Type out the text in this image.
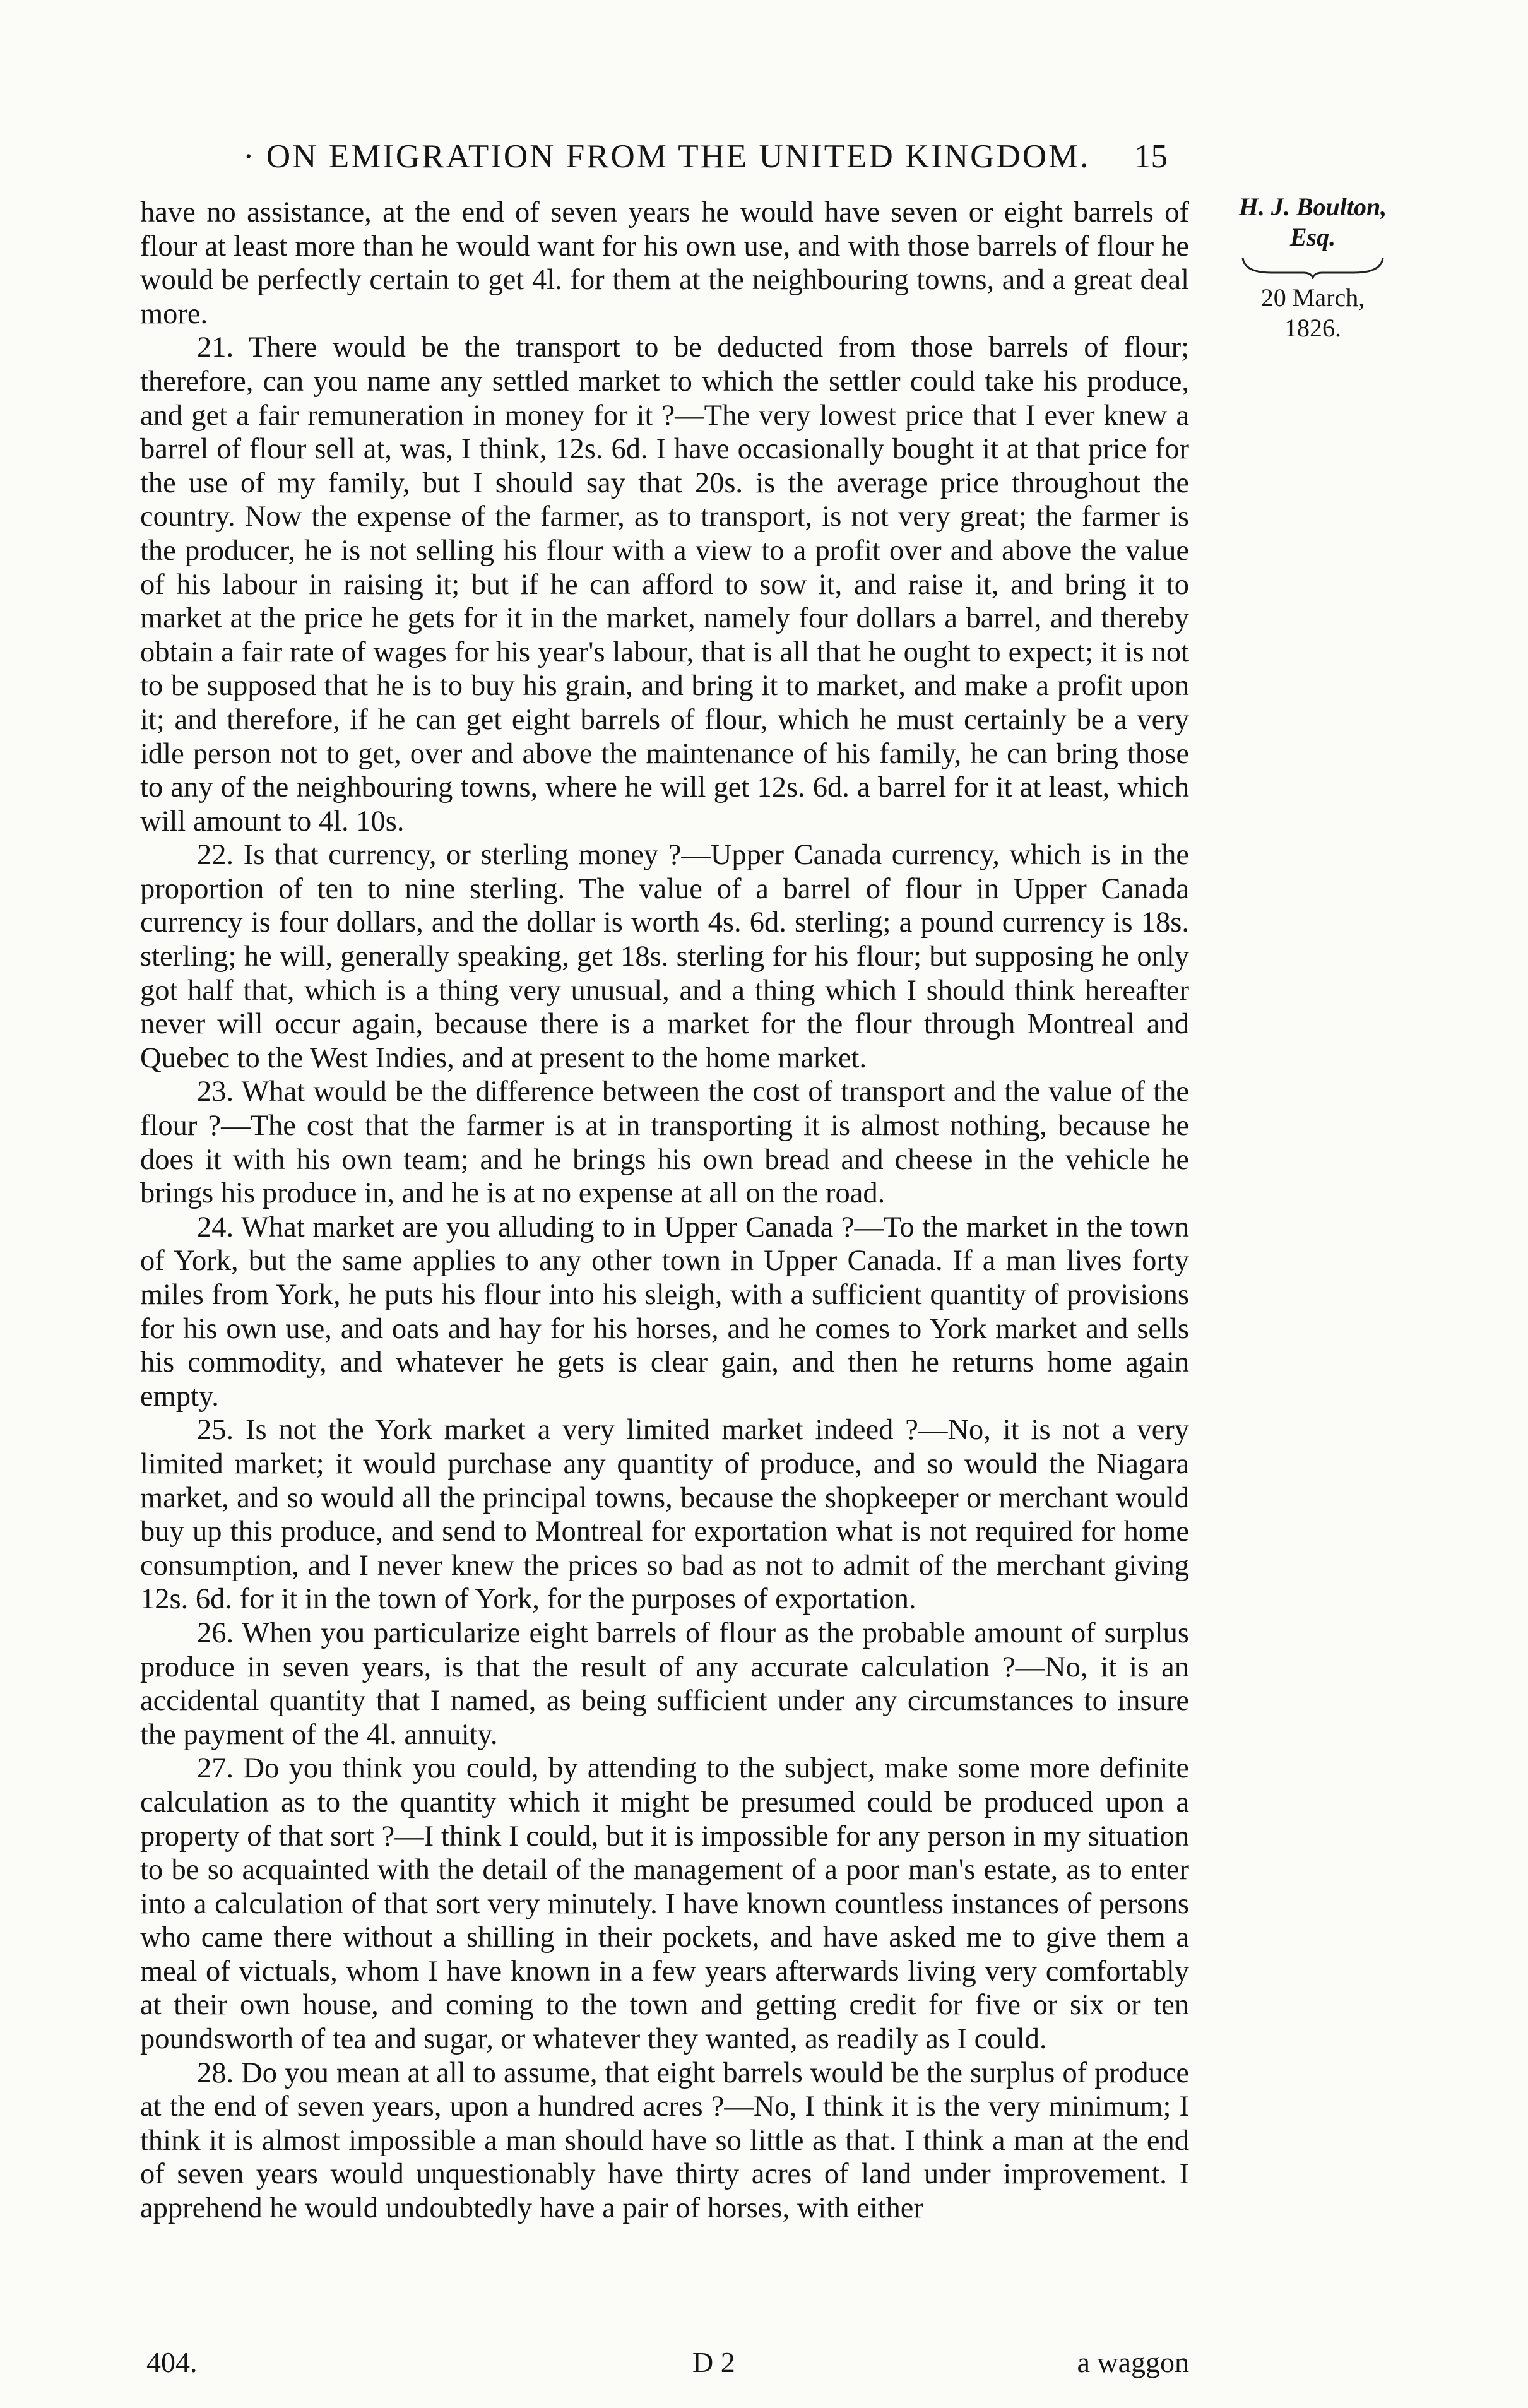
· ON EMIGRATION FROM THE UNITED KINGDOM. 15
H. J. Boulton,
Esq.
20 March,
1826.

have no assistance, at the end of seven years he would have seven or eight barrels of flour at least more than he would want for his own use, and with those barrels of flour he would be perfectly certain to get 4l. for them at the neighbouring towns, and a great deal more.

21. There would be the transport to be deducted from those barrels of flour; therefore, can you name any settled market to which the settler could take his produce, and get a fair remuneration in money for it ?—The very lowest price that I ever knew a barrel of flour sell at, was, I think, 12s. 6d. I have occasionally bought it at that price for the use of my family, but I should say that 20s. is the average price throughout the country. Now the expense of the farmer, as to transport, is not very great; the farmer is the producer, he is not selling his flour with a view to a profit over and above the value of his labour in raising it; but if he can afford to sow it, and raise it, and bring it to market at the price he gets for it in the market, namely four dollars a barrel, and thereby obtain a fair rate of wages for his year's labour, that is all that he ought to expect; it is not to be supposed that he is to buy his grain, and bring it to market, and make a profit upon it; and therefore, if he can get eight barrels of flour, which he must certainly be a very idle person not to get, over and above the maintenance of his family, he can bring those to any of the neighbouring towns, where he will get 12s. 6d. a barrel for it at least, which will amount to 4l. 10s.

22. Is that currency, or sterling money ?—Upper Canada currency, which is in the proportion of ten to nine sterling. The value of a barrel of flour in Upper Canada currency is four dollars, and the dollar is worth 4s. 6d. sterling; a pound currency is 18s. sterling; he will, generally speaking, get 18s. sterling for his flour; but supposing he only got half that, which is a thing very unusual, and a thing which I should think hereafter never will occur again, because there is a market for the flour through Montreal and Quebec to the West Indies, and at present to the home market.

23. What would be the difference between the cost of transport and the value of the flour ?—The cost that the farmer is at in transporting it is almost nothing, because he does it with his own team; and he brings his own bread and cheese in the vehicle he brings his produce in, and he is at no expense at all on the road.

24. What market are you alluding to in Upper Canada ?—To the market in the town of York, but the same applies to any other town in Upper Canada. If a man lives forty miles from York, he puts his flour into his sleigh, with a sufficient quantity of provisions for his own use, and oats and hay for his horses, and he comes to York market and sells his commodity, and whatever he gets is clear gain, and then he returns home again empty.

25. Is not the York market a very limited market indeed ?—No, it is not a very limited market; it would purchase any quantity of produce, and so would the Niagara market, and so would all the principal towns, because the shopkeeper or merchant would buy up this produce, and send to Montreal for exportation what is not required for home consumption, and I never knew the prices so bad as not to admit of the merchant giving 12s. 6d. for it in the town of York, for the purposes of exportation.

26. When you particularize eight barrels of flour as the probable amount of surplus produce in seven years, is that the result of any accurate calculation ?—No, it is an accidental quantity that I named, as being sufficient under any circumstances to insure the payment of the 4l. annuity.

27. Do you think you could, by attending to the subject, make some more definite calculation as to the quantity which it might be presumed could be produced upon a property of that sort ?—I think I could, but it is impossible for any person in my situation to be so acquainted with the detail of the management of a poor man's estate, as to enter into a calculation of that sort very minutely. I have known countless instances of persons who came there without a shilling in their pockets, and have asked me to give them a meal of victuals, whom I have known in a few years afterwards living very comfortably at their own house, and coming to the town and getting credit for five or six or ten poundsworth of tea and sugar, or whatever they wanted, as readily as I could.

28. Do you mean at all to assume, that eight barrels would be the surplus of produce at the end of seven years, upon a hundred acres ?—No, I think it is the very minimum; I think it is almost impossible a man should have so little as that. I think a man at the end of seven years would unquestionably have thirty acres of land under improvement. I apprehend he would undoubtedly have a pair of horses, with either

404.	D 2	a waggon
